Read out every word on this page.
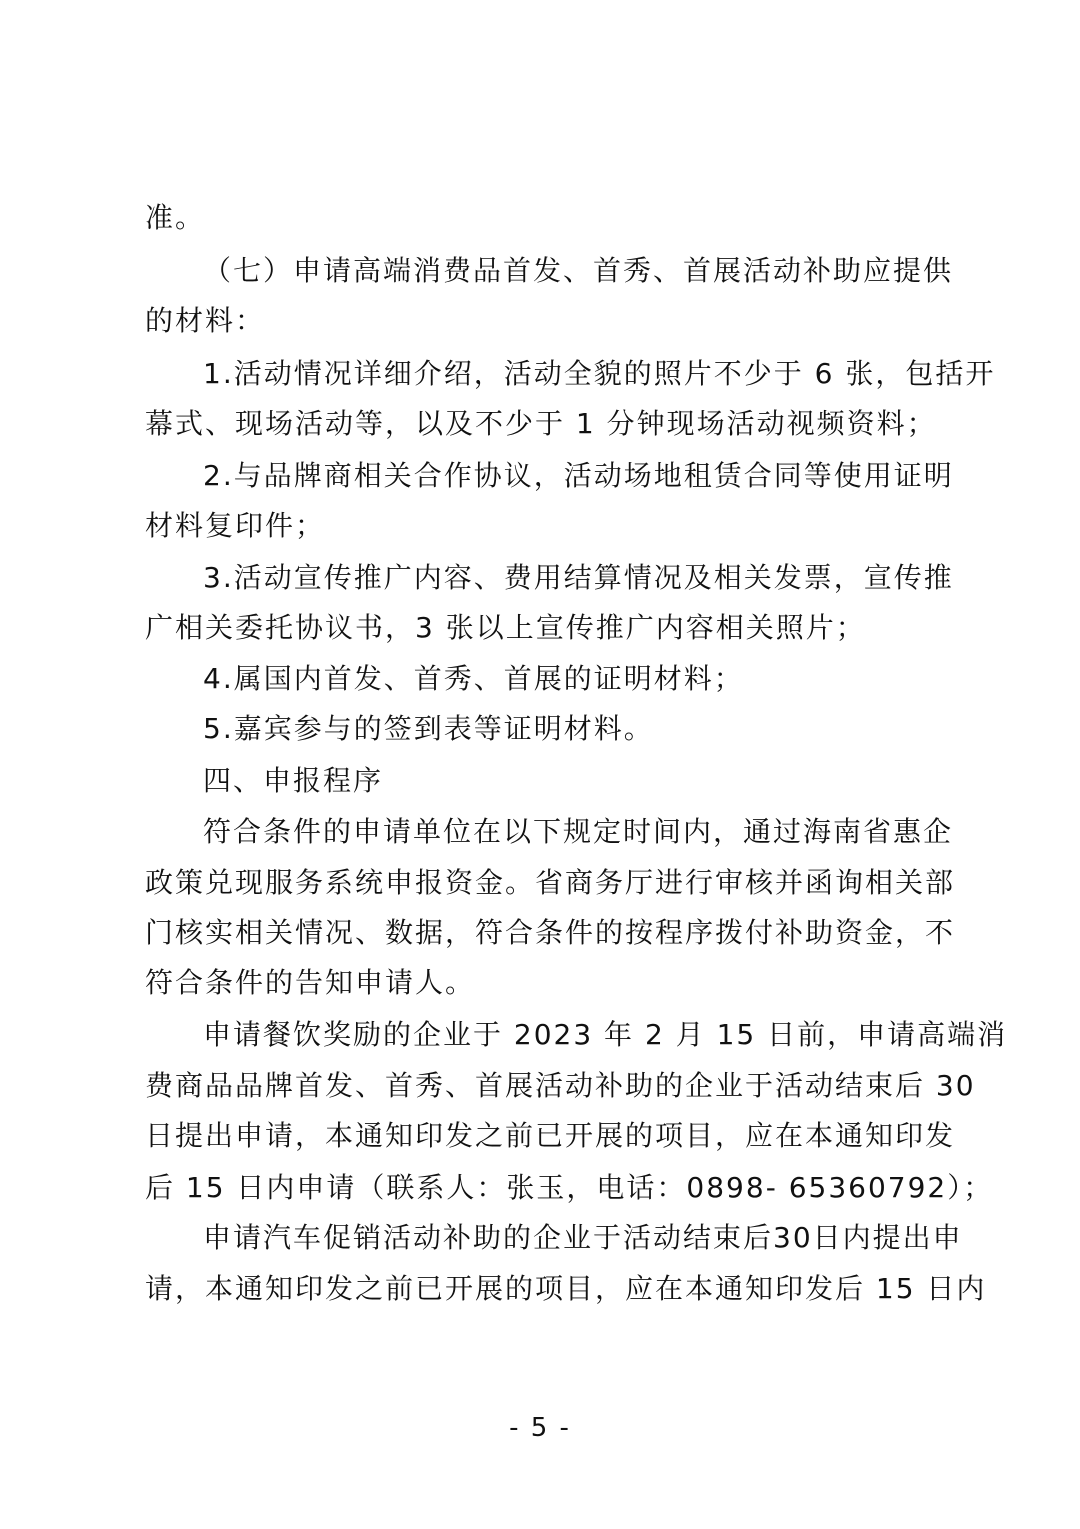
准。
（七）申请高端消费品首发、首秀、首展活动补助应提供
的材料：
1.活动情况详细介绍，活动全貌的照片不少于 6 张，包括开
幕式、现场活动等，以及不少于 1 分钟现场活动视频资料；
2.与品牌商相关合作协议，活动场地租赁合同等使用证明
材料复印件；
3.活动宣传推广内容、费用结算情况及相关发票，宣传推
广相关委托协议书，3 张以上宣传推广内容相关照片；
4.属国内首发、首秀、首展的证明材料；
5.嘉宾参与的签到表等证明材料。
四、申报程序
符合条件的申请单位在以下规定时间内，通过海南省惠企
政策兑现服务系统申报资金。省商务厅进行审核并函询相关部
门核实相关情况、数据，符合条件的按程序拨付补助资金，不
符合条件的告知申请人。
申请餐饮奖励的企业于 2023 年 2 月 15 日前，申请高端消
费商品品牌首发、首秀、首展活动补助的企业于活动结束后 30
日提出申请，本通知印发之前已开展的项目，应在本通知印发
后 15 日内申请（联系人：张玉，电话：0898- 65360792）；
申请汽车促销活动补助的企业于活动结束后30日内提出申
请，本通知印发之前已开展的项目，应在本通知印发后 15 日内
- 5 -
